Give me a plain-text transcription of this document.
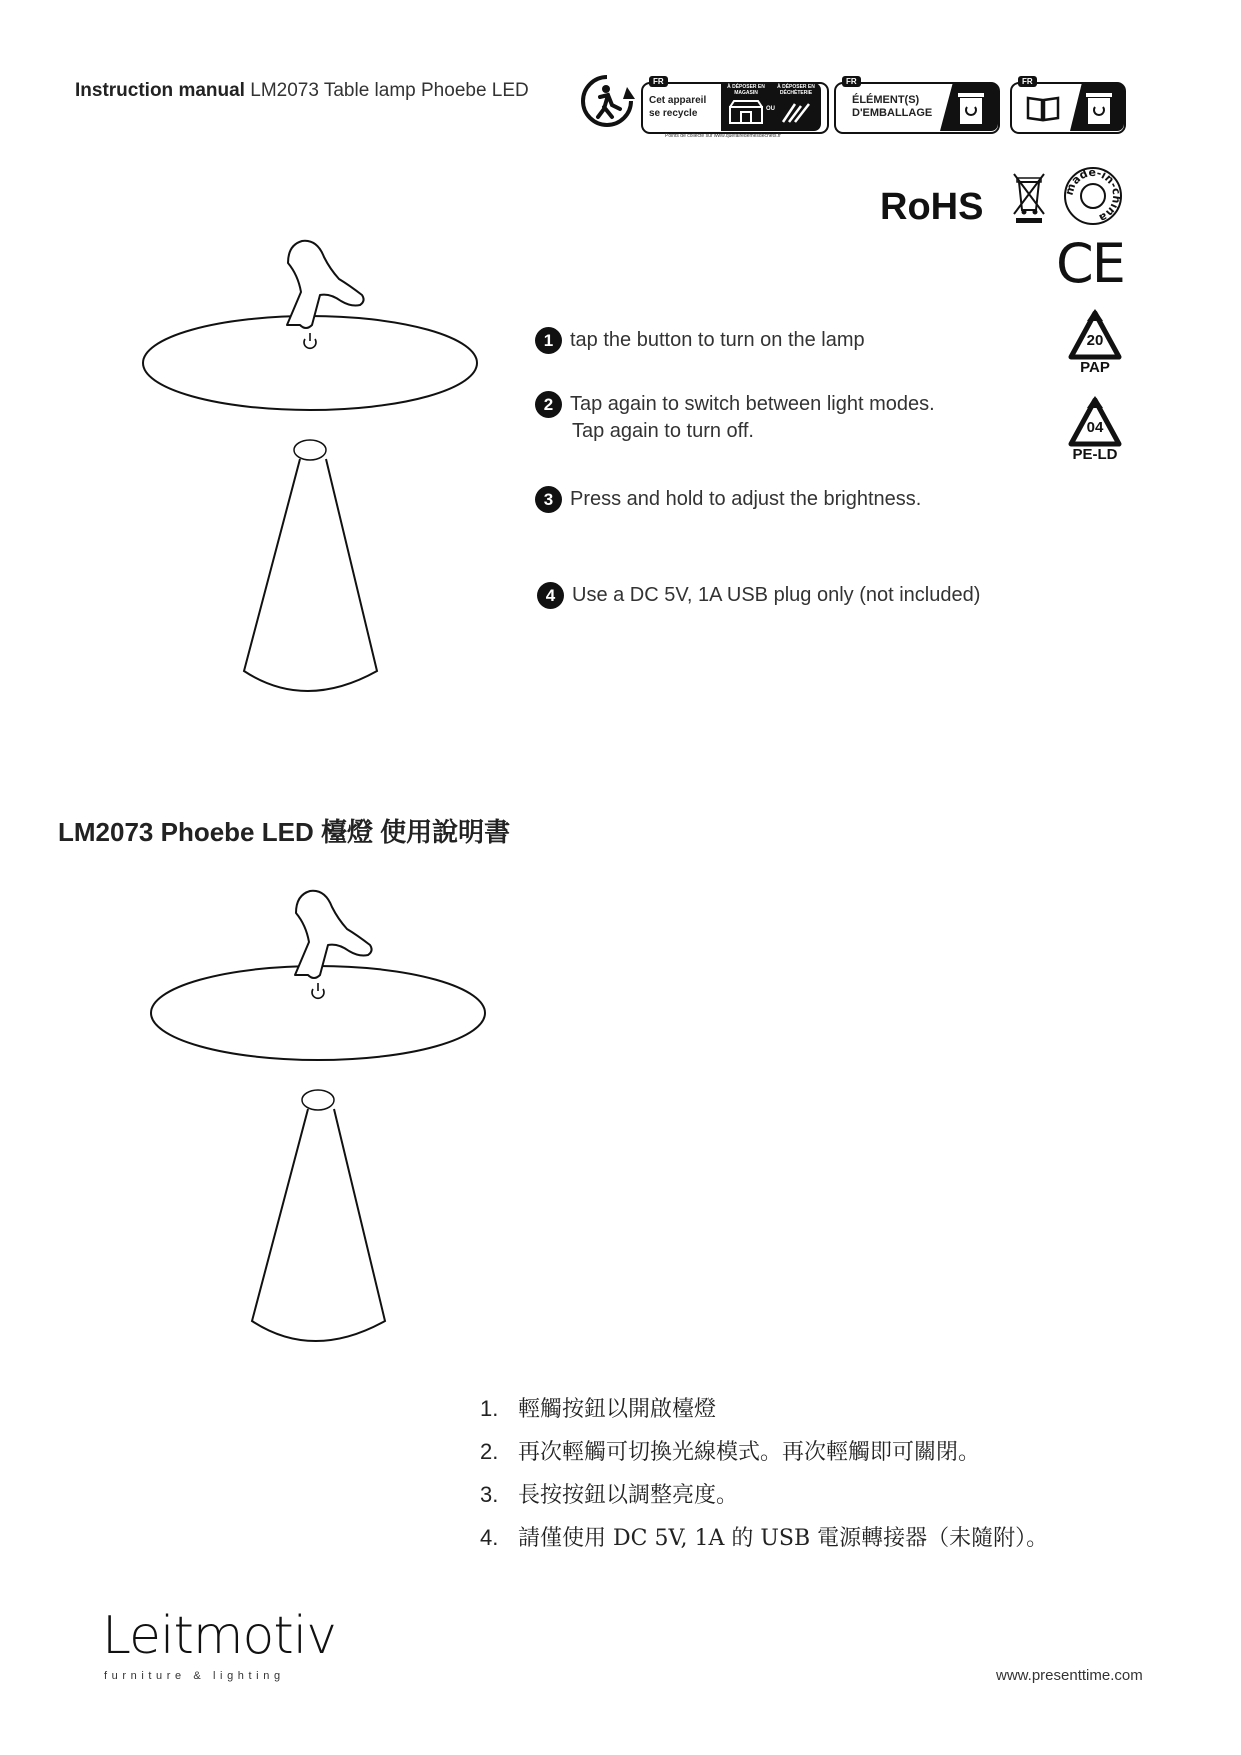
Instruction manual LM2073 Table lamp Phoebe LED	FR
Cet appareil
se recycle
À DÉPOSER EN MAGASIN
À DÉPOSER EN DÉCHÈTERIE
OU
Points de collecte sur www.quefairedemesdechets.fr
FR
ÉLÉMENT(S)
D'EMBALLAGE
FR
RoHS	made-in-china
CE
20
PAP
04
PE-LD
1 tap the button to turn on the lamp
2 Tap again to switch between light modes.
Tap again to turn off.
3 Press and hold to adjust the brightness.
4 Use a DC 5V, 1A USB plug only (not included)
LM2073 Phoebe LED 檯燈 使用說明書
1. 輕觸按鈕以開啟檯燈
2. 再次輕觸可切換光線模式。再次輕觸即可關閉。
3. 長按按鈕以調整亮度。
4. 請僅使用 DC 5V, 1A 的 USB 電源轉接器（未隨附）。
Leitmotiv
furniture & lighting	www.presenttime.com
